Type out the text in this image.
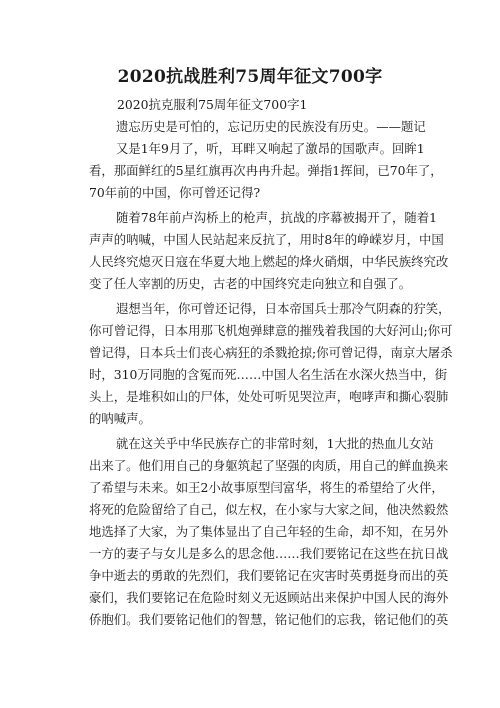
2020抗战胜利75周年征文700字
2020抗克服利75周年征文700字1
遗忘历史是可怕的，忘记历史的民族没有历史。——题记
又是1年9月了，听，耳畔又响起了激昂的国歌声。回眸1
看，那面鲜红的5星红旗再次冉冉升起。弹指1挥间，已70年了，
70年前的中国，你可曾还记得?
随着78年前卢沟桥上的枪声，抗战的序幕被揭开了，随着1
声声的呐喊，中国人民站起来反抗了，用时8年的峥嵘岁月，中国
人民终究熄灭日寇在华夏大地上燃起的烽火硝烟，中华民族终究改
变了任人宰割的历史，古老的中国终究走向独立和自强了。
遐想当年，你可曾还记得，日本帝国兵士那冷气阴森的狞笑，
你可曾记得，日本用那飞机炮弹肆意的摧残着我国的大好河山;你可
曾记得，日本兵士们丧心病狂的杀戮抢掠;你可曾记得，南京大屠杀
时，310万同胞的含冤而死……中国人名生活在水深火热当中，街
头上，是堆积如山的尸体，处处可听见哭泣声，咆哮声和撕心裂肺
的呐喊声。
就在这关乎中华民族存亡的非常时刻，1大批的热血儿女站
出来了。他们用自己的身躯筑起了坚强的肉质，用自己的鲜血换来
了希望与未来。如王2小故事原型闫富华，将生的希望给了火伴，
将死的危险留给了自己，似左权，在小家与大家之间，他决然毅然
地选择了大家，为了集体显出了自己年轻的生命，却不知，在另外
一方的妻子与女儿是多么的思念他……我们要铭记在这些在抗日战
争中逝去的勇敢的先烈们，我们要铭记在灾害时英勇挺身而出的英
豪们，我们要铭记在危险时刻义无返顾站出来保护中国人民的海外
侨胞们。我们要铭记他们的智慧，铭记他们的忘我，铭记他们的英
